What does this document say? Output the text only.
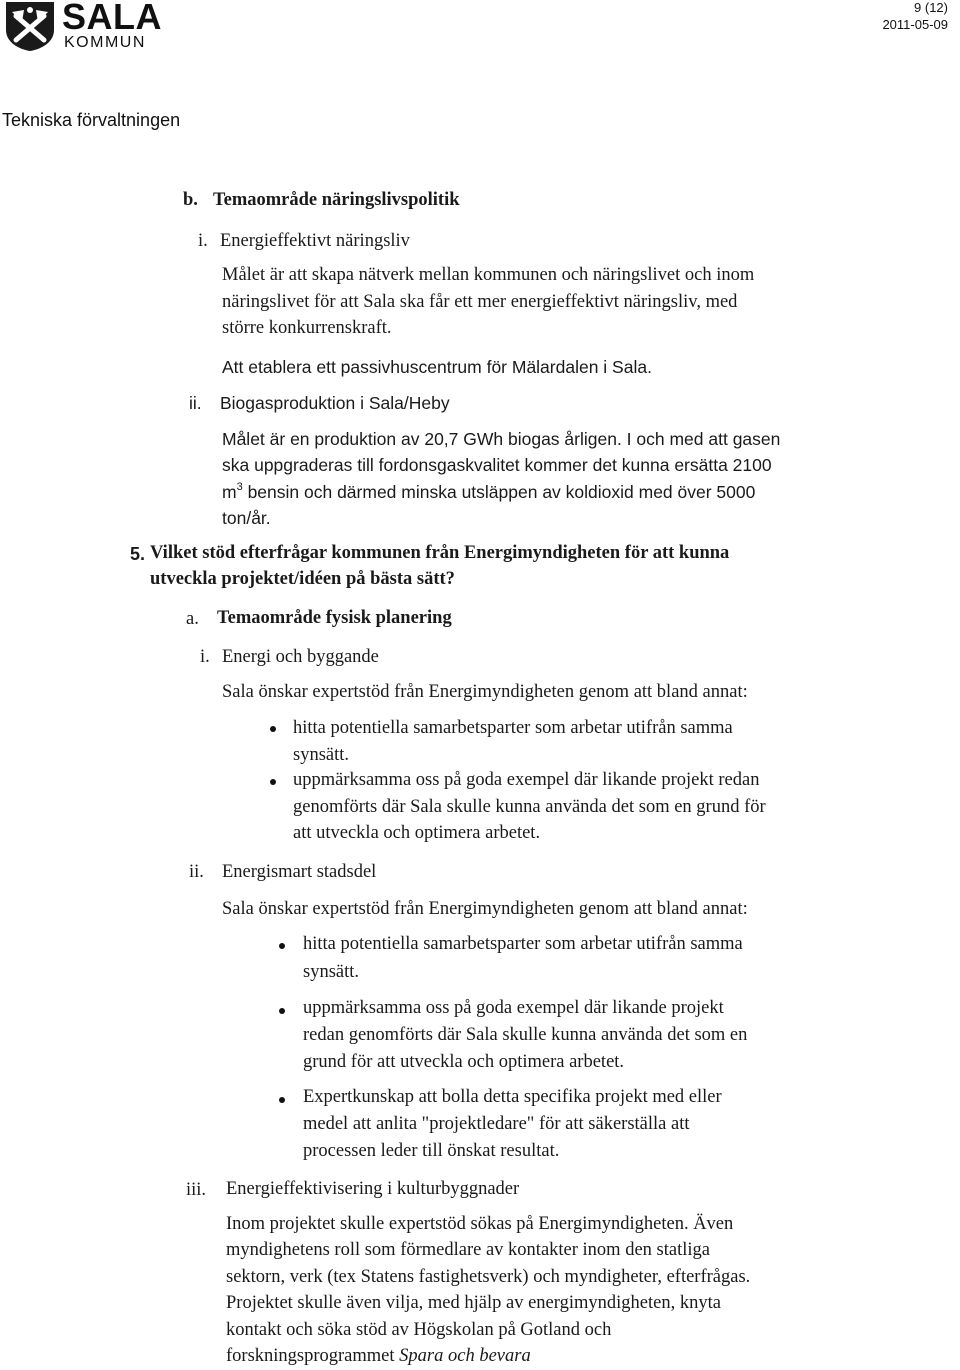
SALA
KOMMUN
9 (12)
2011-05-09
Tekniska förvaltningen
b. Temaområde näringslivspolitik
i. Energieffektivt näringsliv
Målet är att skapa nätverk mellan kommunen och näringslivet och inom
näringslivet för att Sala ska får ett mer energieffektivt näringsliv, med
större konkurrenskraft.
Att etablera ett passivhuscentrum för Mälardalen i Sala.
ii. Biogasproduktion i Sala/Heby
Målet är en produktion av 20,7 GWh biogas årligen. I och med att gasen
ska uppgraderas till fordonsgaskvalitet kommer det kunna ersätta 2100
$m^3$ bensin och därmed minska utsläppen av koldioxid med över 5000
ton/år.
5. Vilket stöd efterfrågar kommunen från Energimyndigheten för att kunna
utveckla projektet/idéen på bästa sätt?
a. Temaområde fysisk planering
i. Energi och byggande
Sala önskar expertstöd från Energimyndigheten genom att bland annat:
hitta potentiella samarbetsparter som arbetar utifrån samma
synsätt.
uppmärksamma oss på goda exempel där likande projekt redan
genomförts där Sala skulle kunna använda det som en grund för
att utveckla och optimera arbetet.
ii. Energismart stadsdel
Sala önskar expertstöd från Energimyndigheten genom att bland annat:
hitta potentiella samarbetsparter som arbetar utifrån samma
synsätt.
uppmärksamma oss på goda exempel där likande projekt
redan genomförts där Sala skulle kunna använda det som en
grund för att utveckla och optimera arbetet.
Expertkunskap att bolla detta specifika projekt med eller
medel att anlita "projektledare" för att säkerställa att
processen leder till önskat resultat.
iii. Energieffektivisering i kulturbyggnader
Inom projektet skulle expertstöd sökas på Energimyndigheten. Även
myndighetens roll som förmedlare av kontakter inom den statliga
sektorn, verk (tex Statens fastighetsverk) och myndigheter, efterfrågas.
Projektet skulle även vilja, med hjälp av energimyndigheten, knyta
kontakt och söka stöd av Högskolan på Gotland och
forskningsprogrammet Spara och bevara
